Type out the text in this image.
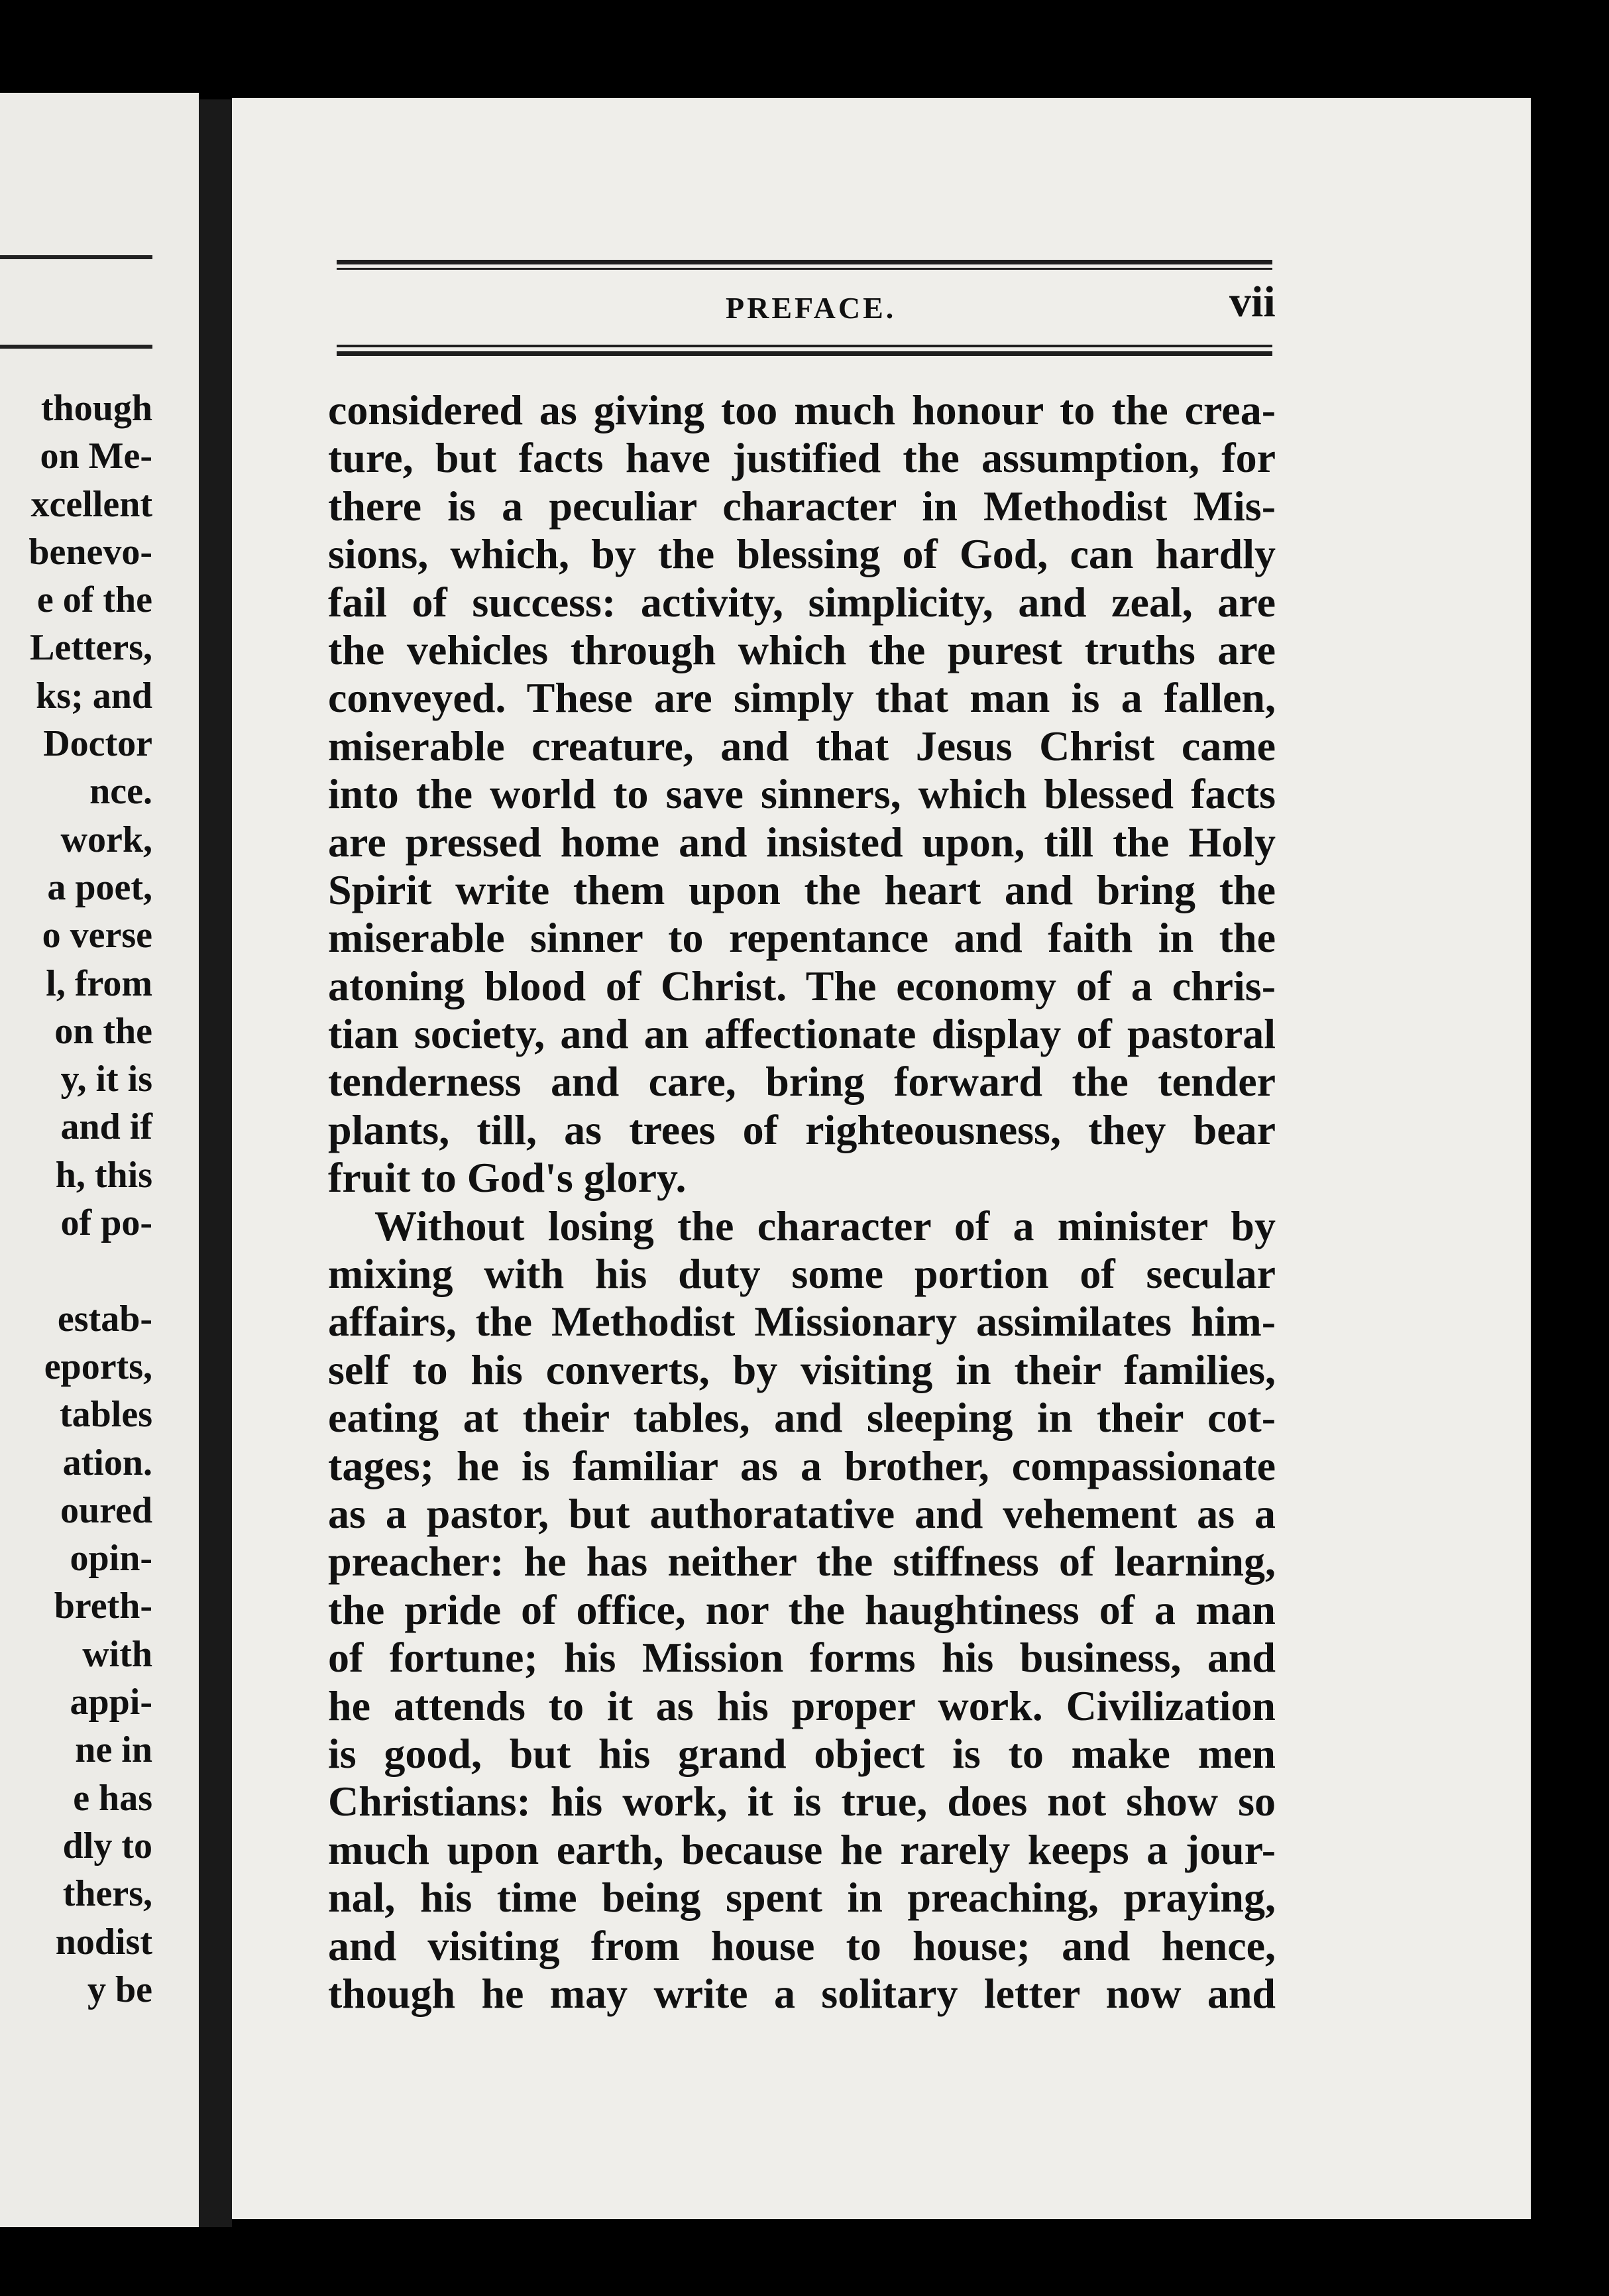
though
on Me-
xcellent
benevo-
e of the
Letters,
ks; and
Doctor
nce.
work,
a poet,
o verse
l, from
on the
y, it is
and if
h, this
of po-
estab-
eports,
tables
ation.
oured
opin-
breth-
with
appi-
ne in
e has
dly to
thers,
nodist
y be
PREFACE.	vii
considered as giving too much honour to the crea-
ture, but facts have justified the assumption, for
there is a peculiar character in Methodist Mis-
sions, which, by the blessing of God, can hardly
fail of success: activity, simplicity, and zeal, are
the vehicles through which the purest truths are
conveyed. These are simply that man is a fallen,
miserable creature, and that Jesus Christ came
into the world to save sinners, which blessed facts
are pressed home and insisted upon, till the Holy
Spirit write them upon the heart and bring the
miserable sinner to repentance and faith in the
atoning blood of Christ. The economy of a chris-
tian society, and an affectionate display of pastoral
tenderness and care, bring forward the tender
plants, till, as trees of righteousness, they bear
fruit to God's glory.
Without losing the character of a minister by
mixing with his duty some portion of secular
affairs, the Methodist Missionary assimilates him-
self to his converts, by visiting in their families,
eating at their tables, and sleeping in their cot-
tages; he is familiar as a brother, compassionate
as a pastor, but authoratative and vehement as a
preacher: he has neither the stiffness of learning,
the pride of office, nor the haughtiness of a man
of fortune; his Mission forms his business, and
he attends to it as his proper work. Civilization
is good, but his grand object is to make men
Christians: his work, it is true, does not show so
much upon earth, because he rarely keeps a jour-
nal, his time being spent in preaching, praying,
and visiting from house to house; and hence,
though he may write a solitary letter now and
